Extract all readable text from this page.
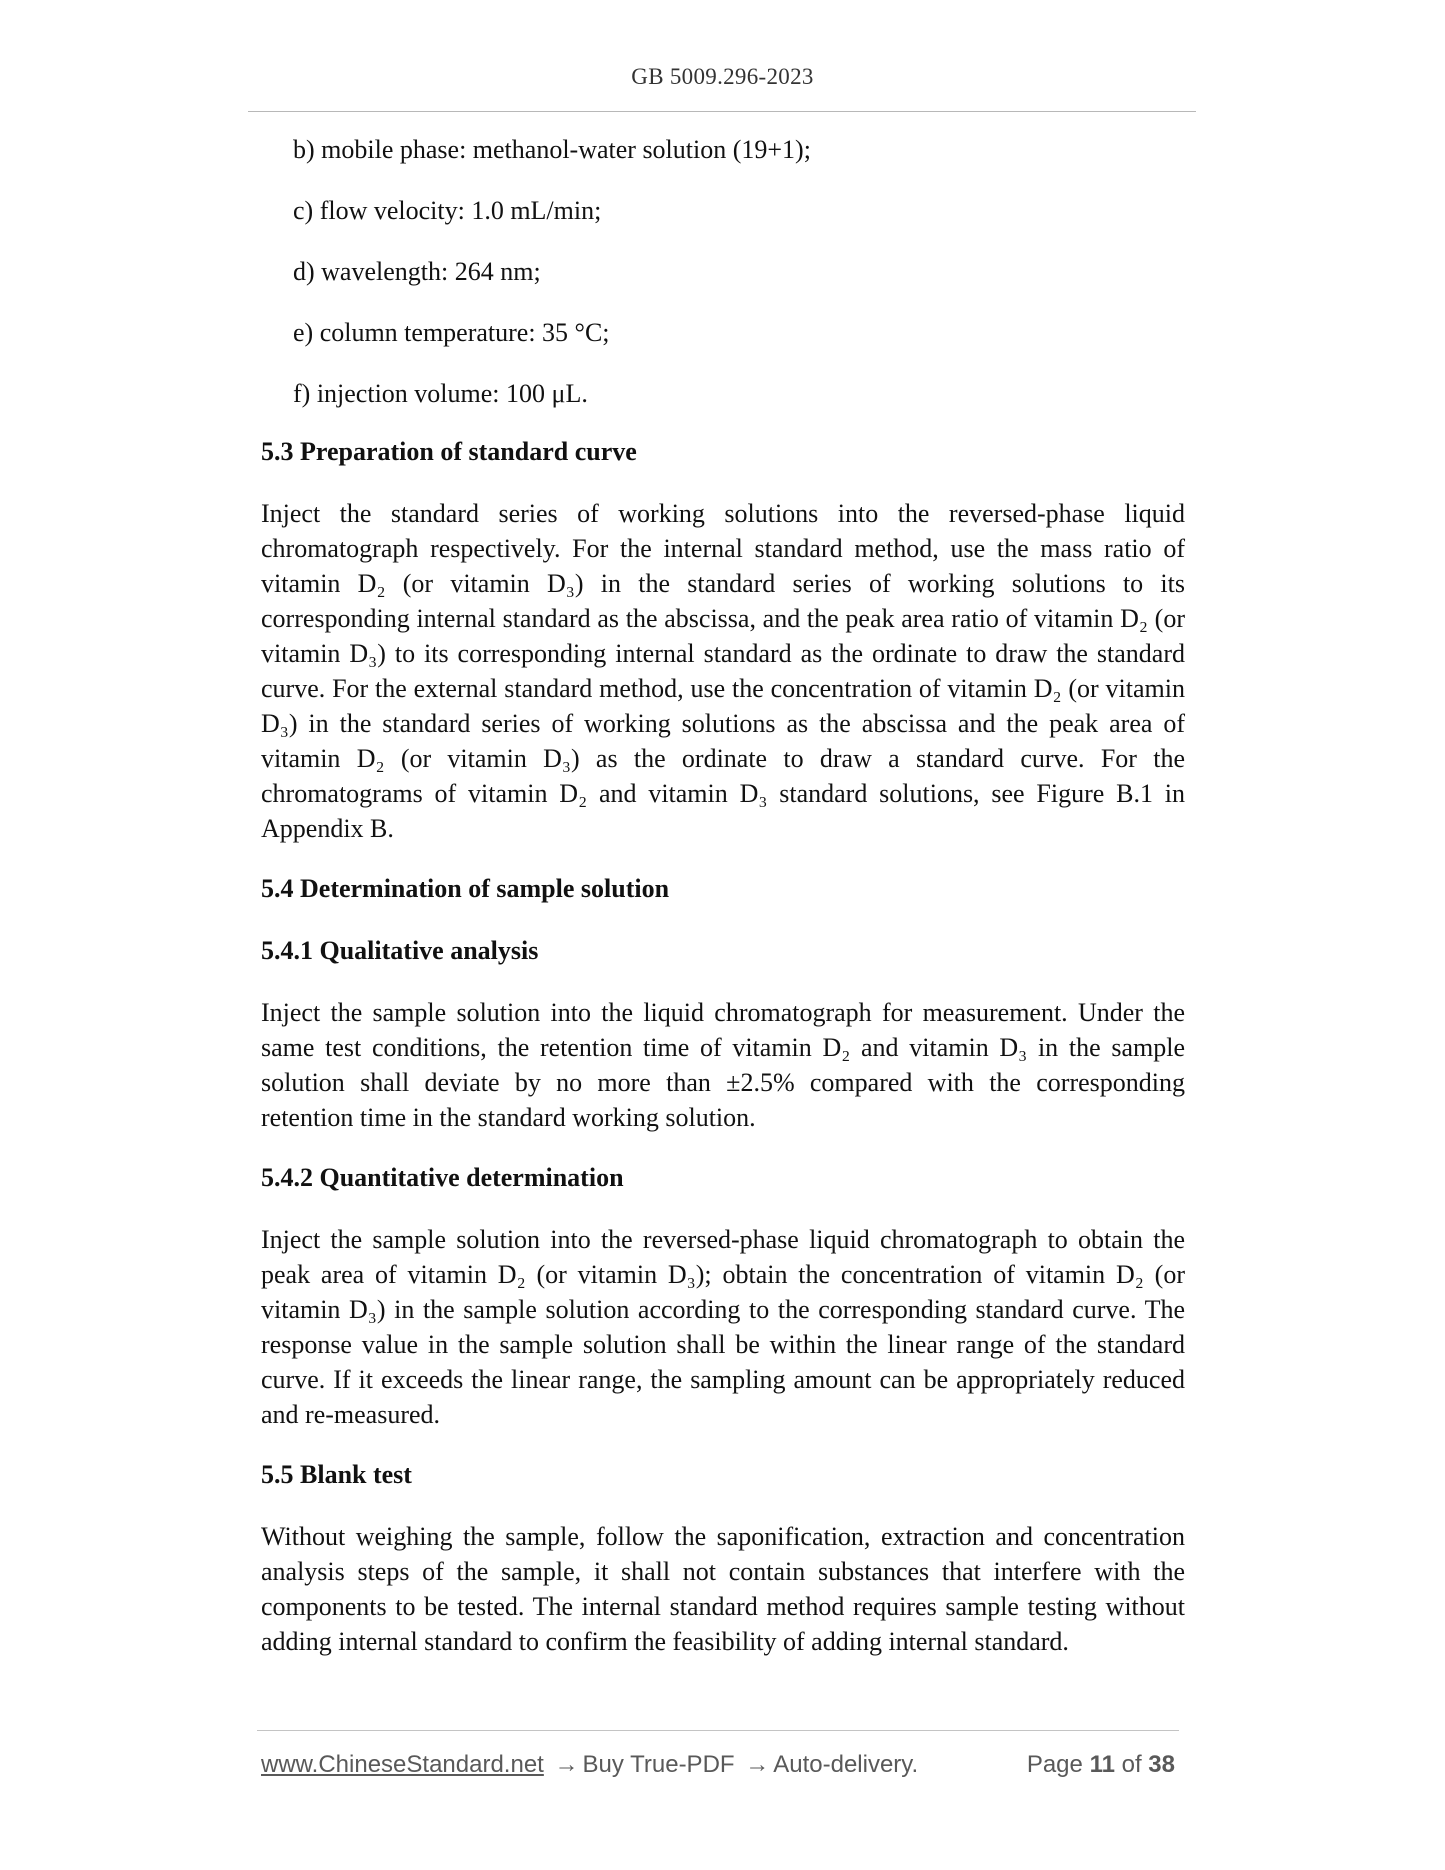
GB 5009.296-2023
b) mobile phase: methanol-water solution (19+1);
c) flow velocity: 1.0 mL/min;
d) wavelength: 264 nm;
e) column temperature: 35 °C;
f) injection volume: 100 μL.
5.3 Preparation of standard curve
Inject the standard series of working solutions into the reversed-phase liquid chromatograph respectively. For the internal standard method, use the mass ratio of vitamin D₂ (or vitamin D₃) in the standard series of working solutions to its corresponding internal standard as the abscissa, and the peak area ratio of vitamin D₂ (or vitamin D₃) to its corresponding internal standard as the ordinate to draw the standard curve. For the external standard method, use the concentration of vitamin D₂ (or vitamin D₃) in the standard series of working solutions as the abscissa and the peak area of vitamin D₂ (or vitamin D₃) as the ordinate to draw a standard curve. For the chromatograms of vitamin D₂ and vitamin D₃ standard solutions, see Figure B.1 in Appendix B.
5.4 Determination of sample solution
5.4.1 Qualitative analysis
Inject the sample solution into the liquid chromatograph for measurement. Under the same test conditions, the retention time of vitamin D₂ and vitamin D₃ in the sample solution shall deviate by no more than ±2.5% compared with the corresponding retention time in the standard working solution.
5.4.2 Quantitative determination
Inject the sample solution into the reversed-phase liquid chromatograph to obtain the peak area of vitamin D₂ (or vitamin D₃); obtain the concentration of vitamin D₂ (or vitamin D₃) in the sample solution according to the corresponding standard curve. The response value in the sample solution shall be within the linear range of the standard curve. If it exceeds the linear range, the sampling amount can be appropriately reduced and re-measured.
5.5 Blank test
Without weighing the sample, follow the saponification, extraction and concentration analysis steps of the sample, it shall not contain substances that interfere with the components to be tested. The internal standard method requires sample testing without adding internal standard to confirm the feasibility of adding internal standard.
www.ChineseStandard.net → Buy True-PDF → Auto-delivery.	Page 11 of 38
